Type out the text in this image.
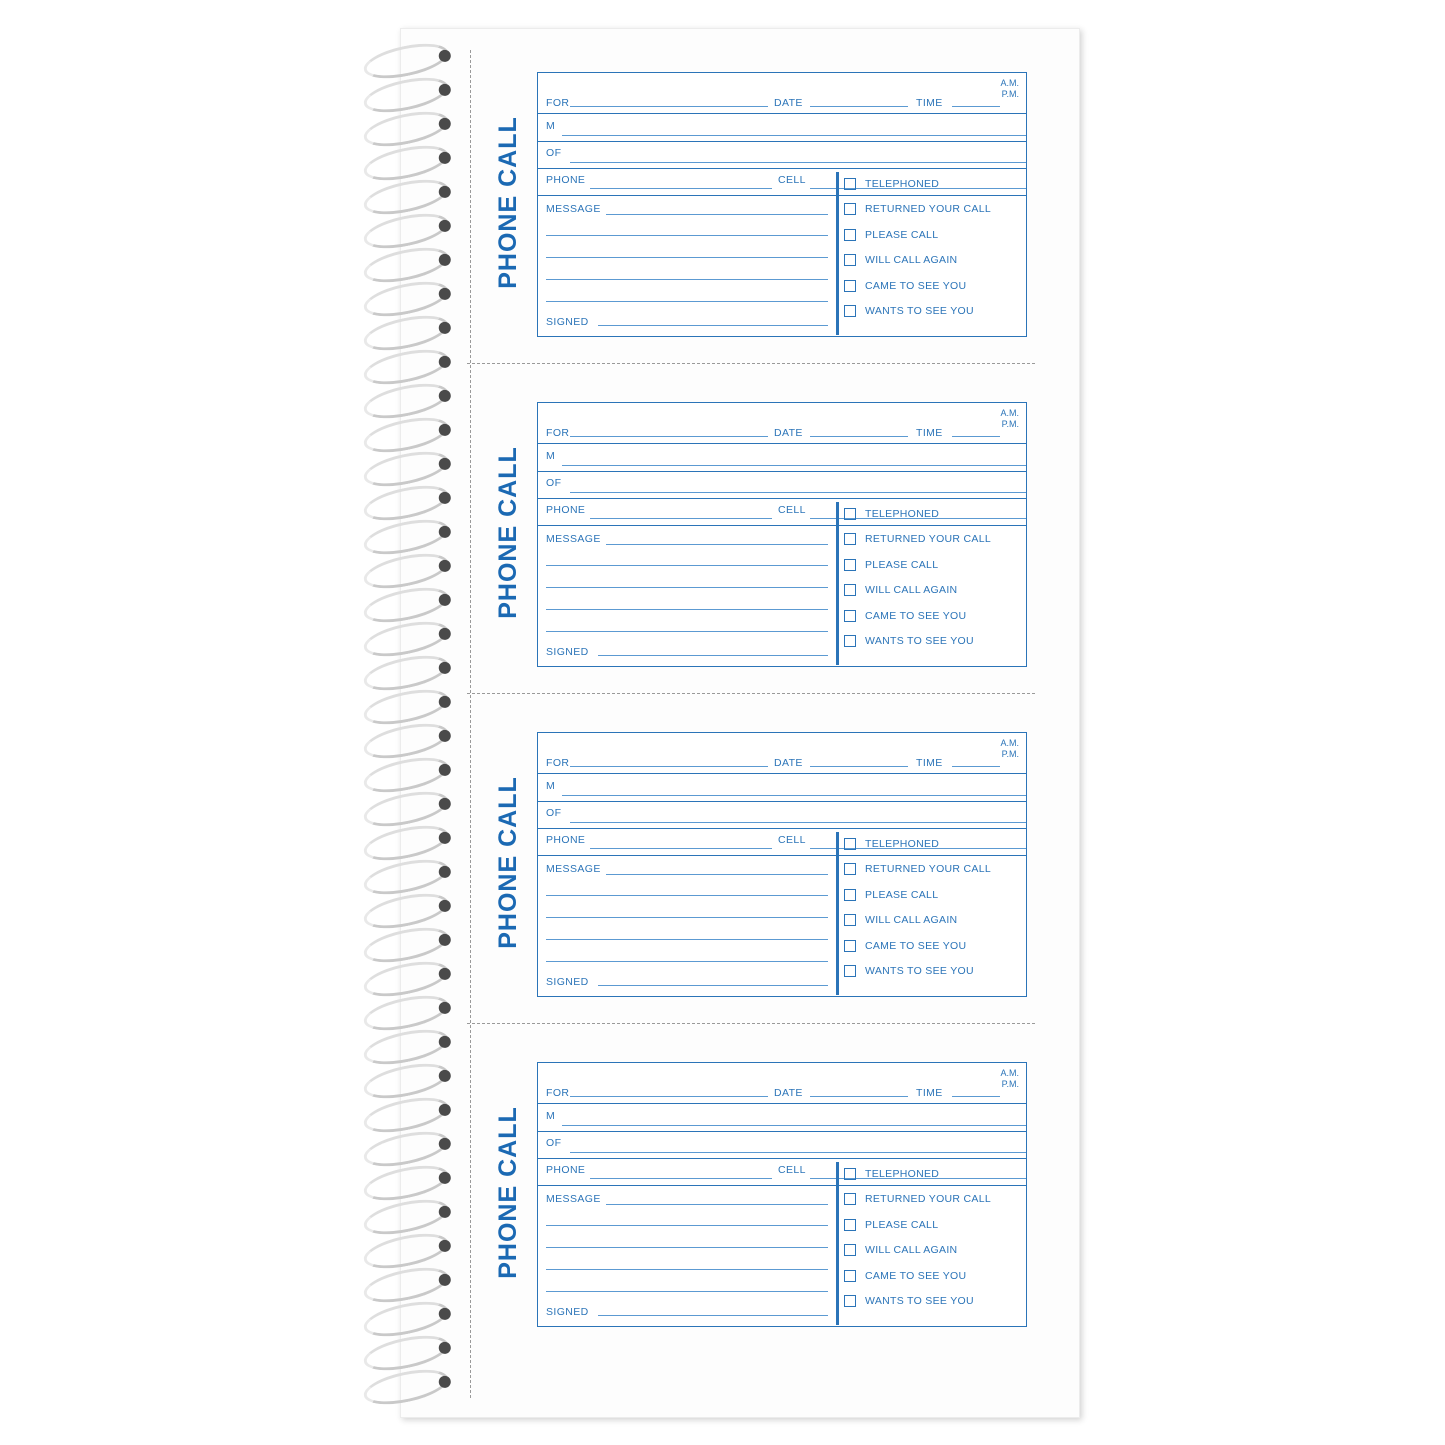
PHONE CALL
FOR	DATE	TIME
A.M.
P.M.
M
OF
PHONE	CELL
MESSAGE
SIGNED
TELEPHONED
RETURNED YOUR CALL
PLEASE CALL
WILL CALL AGAIN
CAME TO SEE YOU
WANTS TO SEE YOU
PHONE CALL
FOR	DATE	TIME
A.M.
P.M.
M
OF
PHONE	CELL
MESSAGE
SIGNED
TELEPHONED
RETURNED YOUR CALL
PLEASE CALL
WILL CALL AGAIN
CAME TO SEE YOU
WANTS TO SEE YOU
PHONE CALL
FOR	DATE	TIME
A.M.
P.M.
M
OF
PHONE	CELL
MESSAGE
SIGNED
TELEPHONED
RETURNED YOUR CALL
PLEASE CALL
WILL CALL AGAIN
CAME TO SEE YOU
WANTS TO SEE YOU
PHONE CALL
FOR	DATE	TIME
A.M.
P.M.
M
OF
PHONE	CELL
MESSAGE
SIGNED
TELEPHONED
RETURNED YOUR CALL
PLEASE CALL
WILL CALL AGAIN
CAME TO SEE YOU
WANTS TO SEE YOU
